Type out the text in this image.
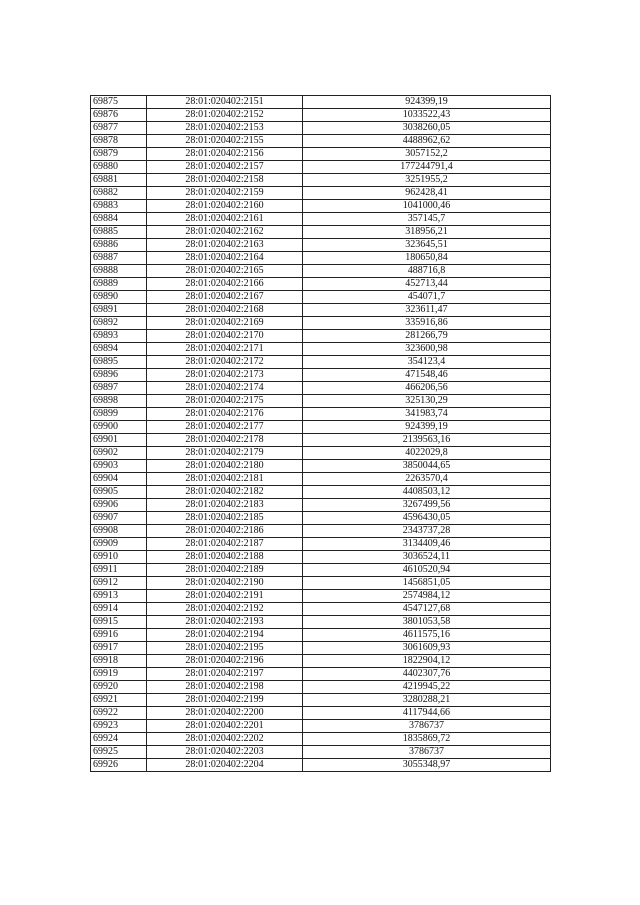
69875	28:01:020402:2151	924399,19
69876	28:01:020402:2152	1033522,43
69877	28:01:020402:2153	3038260,05
69878	28:01:020402:2155	4488962,62
69879	28:01:020402:2156	3057152,2
69880	28:01:020402:2157	177244791,4
69881	28:01:020402:2158	3251955,2
69882	28:01:020402:2159	962428,41
69883	28:01:020402:2160	1041000,46
69884	28:01:020402:2161	357145,7
69885	28:01:020402:2162	318956,21
69886	28:01:020402:2163	323645,51
69887	28:01:020402:2164	180650,84
69888	28:01:020402:2165	488716,8
69889	28:01:020402:2166	452713,44
69890	28:01:020402:2167	454071,7
69891	28:01:020402:2168	323611,47
69892	28:01:020402:2169	335916,86
69893	28:01:020402:2170	281266,79
69894	28:01:020402:2171	323600,98
69895	28:01:020402:2172	354123,4
69896	28:01:020402:2173	471548,46
69897	28:01:020402:2174	466206,56
69898	28:01:020402:2175	325130,29
69899	28:01:020402:2176	341983,74
69900	28:01:020402:2177	924399,19
69901	28:01:020402:2178	2139563,16
69902	28:01:020402:2179	4022029,8
69903	28:01:020402:2180	3850044,65
69904	28:01:020402:2181	2263570,4
69905	28:01:020402:2182	4408503,12
69906	28:01:020402:2183	3267499,56
69907	28:01:020402:2185	4596430,05
69908	28:01:020402:2186	2343737,28
69909	28:01:020402:2187	3134409,46
69910	28:01:020402:2188	3036524,11
69911	28:01:020402:2189	4610520,94
69912	28:01:020402:2190	1456851,05
69913	28:01:020402:2191	2574984,12
69914	28:01:020402:2192	4547127,68
69915	28:01:020402:2193	3801053,58
69916	28:01:020402:2194	4611575,16
69917	28:01:020402:2195	3061609,93
69918	28:01:020402:2196	1822904,12
69919	28:01:020402:2197	4402307,76
69920	28:01:020402:2198	4219945,22
69921	28:01:020402:2199	3280288,21
69922	28:01:020402:2200	4117944,66
69923	28:01:020402:2201	3786737
69924	28:01:020402:2202	1835869,72
69925	28:01:020402:2203	3786737
69926	28:01:020402:2204	3055348,97
